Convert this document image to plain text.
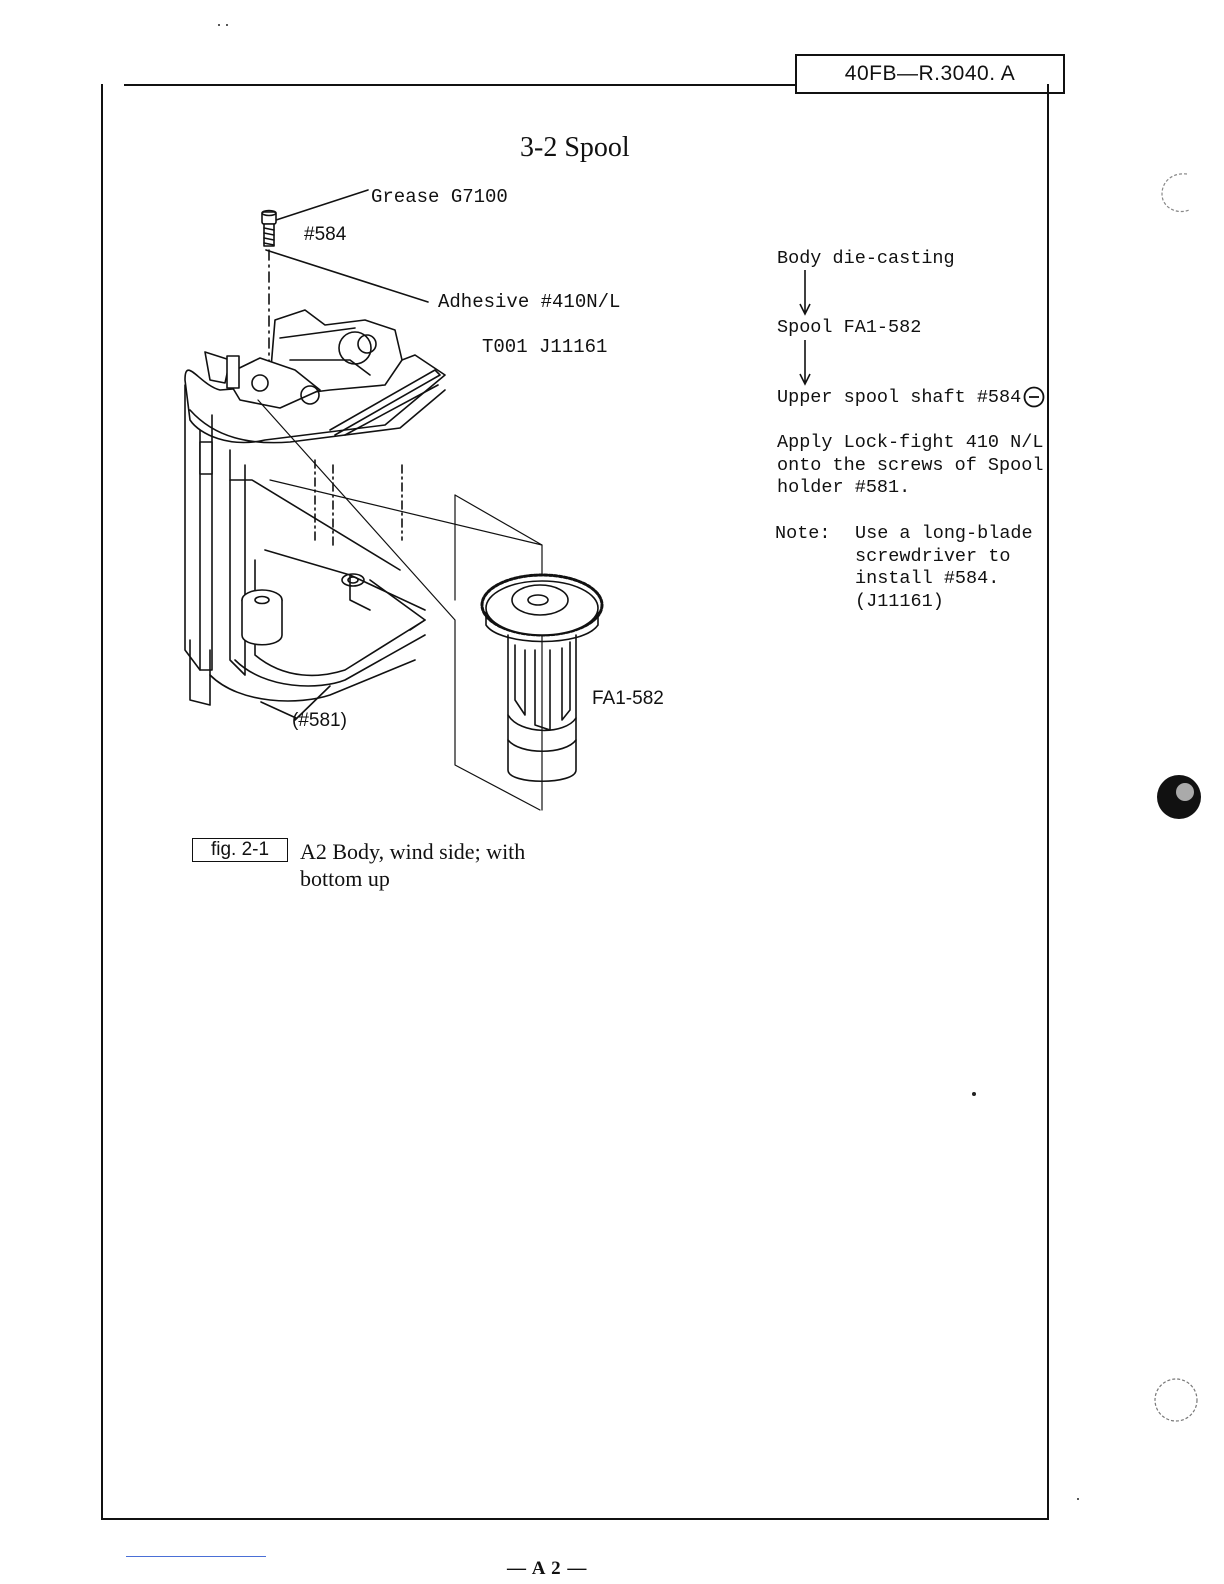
40FB—R.3040. A
3-2 Spool
Grease G7100
#584
Adhesive #410N/L
T001 J11161
FA1-582
(#581)
fig. 2-1	A2 Body, wind side; with
bottom up
Body die-casting
Spool FA1-582
Upper spool shaft #584
Apply Lock-fight 410 N/L
onto the screws of Spool
holder #581.
Note: Use a long-blade
screwdriver to
install #584.
(J11161)
— A 2 —
